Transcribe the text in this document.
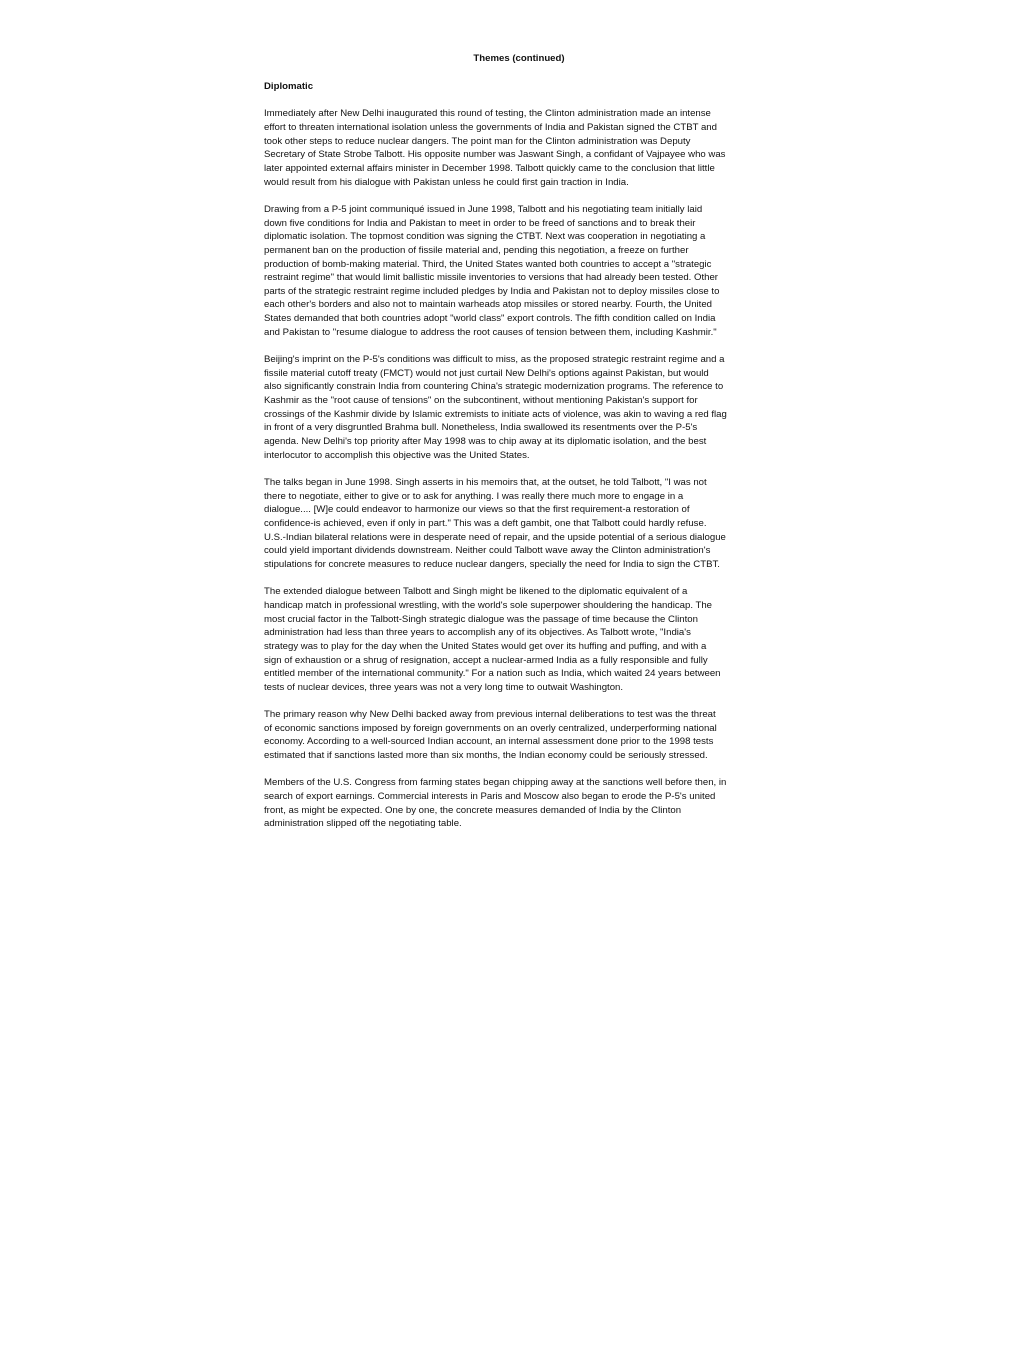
Themes (continued)
Diplomatic
Immediately after New Delhi inaugurated this round of testing, the Clinton administration made an intense
effort to threaten international isolation unless the governments of India and Pakistan signed the CTBT and
took other steps to reduce nuclear dangers. The point man for the Clinton administration was Deputy
Secretary of State Strobe Talbott. His opposite number was Jaswant Singh, a confidant of Vajpayee who was
later appointed external affairs minister in December 1998. Talbott quickly came to the conclusion that little
would result from his dialogue with Pakistan unless he could first gain traction in India.
Drawing from a P-5 joint communiqué issued in June 1998, Talbott and his negotiating team initially laid
down five conditions for India and Pakistan to meet in order to be freed of sanctions and to break their
diplomatic isolation. The topmost condition was signing the CTBT. Next was cooperation in negotiating a
permanent ban on the production of fissile material and, pending this negotiation, a freeze on further
production of bomb-making material. Third, the United States wanted both countries to accept a "strategic
restraint regime" that would limit ballistic missile inventories to versions that had already been tested. Other
parts of the strategic restraint regime included pledges by India and Pakistan not to deploy missiles close to
each other's borders and also not to maintain warheads atop missiles or stored nearby. Fourth, the United
States demanded that both countries adopt "world class" export controls. The fifth condition called on India
and Pakistan to "resume dialogue to address the root causes of tension between them, including Kashmir."
Beijing's imprint on the P-5's conditions was difficult to miss, as the proposed strategic restraint regime and a
fissile material cutoff treaty (FMCT) would not just curtail New Delhi's options against Pakistan, but would
also significantly constrain India from countering China's strategic modernization programs. The reference to
Kashmir as the "root cause of tensions" on the subcontinent, without mentioning Pakistan's support for
crossings of the Kashmir divide by Islamic extremists to initiate acts of violence, was akin to waving a red flag
in front of a very disgruntled Brahma bull. Nonetheless, India swallowed its resentments over the P-5's
agenda. New Delhi's top priority after May 1998 was to chip away at its diplomatic isolation, and the best
interlocutor to accomplish this objective was the United States.
The talks began in June 1998. Singh asserts in his memoirs that, at the outset, he told Talbott, "I was not
there to negotiate, either to give or to ask for anything. I was really there much more to engage in a
dialogue.... [W]e could endeavor to harmonize our views so that the first requirement-a restoration of
confidence-is achieved, even if only in part." This was a deft gambit, one that Talbott could hardly refuse.
U.S.-Indian bilateral relations were in desperate need of repair, and the upside potential of a serious dialogue
could yield important dividends downstream. Neither could Talbott wave away the Clinton administration's
stipulations for concrete measures to reduce nuclear dangers, specially the need for India to sign the CTBT.
The extended dialogue between Talbott and Singh might be likened to the diplomatic equivalent of a
handicap match in professional wrestling, with the world's sole superpower shouldering the handicap. The
most crucial factor in the Talbott-Singh strategic dialogue was the passage of time because the Clinton
administration had less than three years to accomplish any of its objectives. As Talbott wrote, "India's
strategy was to play for the day when the United States would get over its huffing and puffing, and with a
sign of exhaustion or a shrug of resignation, accept a nuclear-armed India as a fully responsible and fully
entitled member of the international community." For a nation such as India, which waited 24 years between
tests of nuclear devices, three years was not a very long time to outwait Washington.
The primary reason why New Delhi backed away from previous internal deliberations to test was the threat
of economic sanctions imposed by foreign governments on an overly centralized, underperforming national
economy. According to a well-sourced Indian account, an internal assessment done prior to the 1998 tests
estimated that if sanctions lasted more than six months, the Indian economy could be seriously stressed.
Members of the U.S. Congress from farming states began chipping away at the sanctions well before then, in
search of export earnings. Commercial interests in Paris and Moscow also began to erode the P-5's united
front, as might be expected. One by one, the concrete measures demanded of India by the Clinton
administration slipped off the negotiating table.
